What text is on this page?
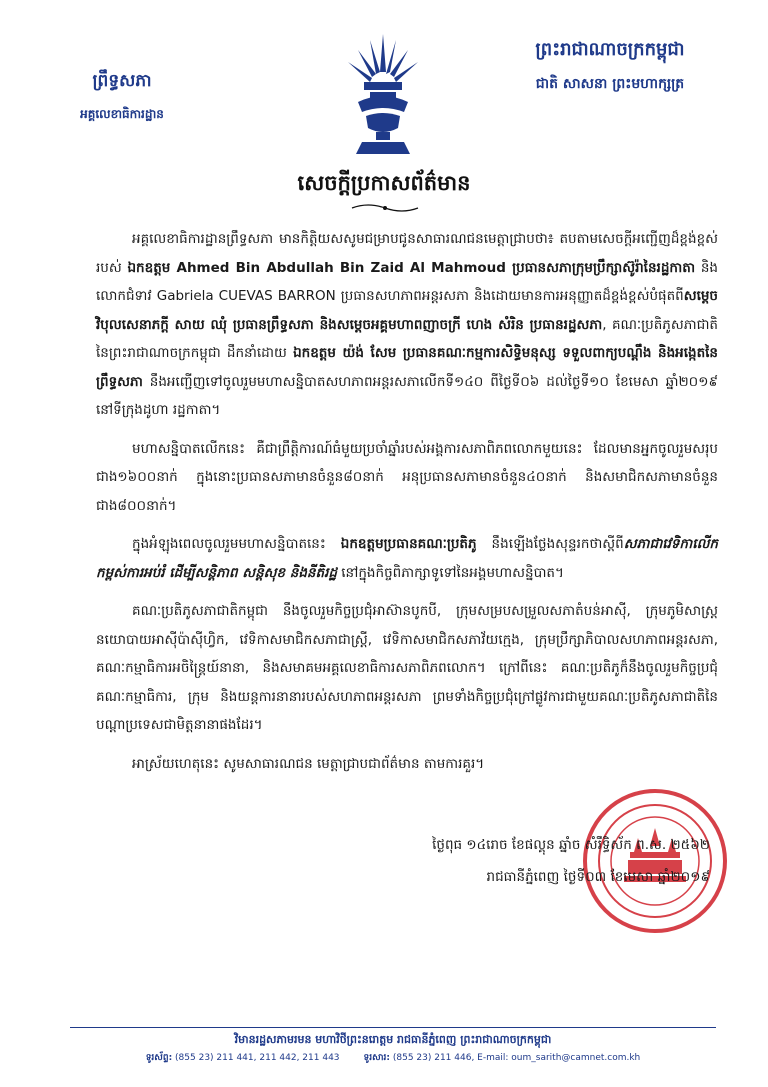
ព្រឹទ្ធសភា
អគ្គលេខាធិការដ្ឋាន
ព្រះរាជាណាចក្រកម្ពុជា
ជាតិ សាសនា ព្រះមហាក្សត្រ
សេចក្តីប្រកាសព័ត៌មាន

អគ្គលេខាធិការដ្ឋានព្រឹទ្ធសភា មានកិត្តិយសសូមជម្រាបជូនសាធារណជនមេត្តាជ្រាបថា៖ តបតាមសេចក្តីអញ្ជើញដ៏ខ្ពង់ខ្ពស់របស់ ឯកឧត្តម Ahmed Bin Abdullah Bin Zaid Al Mahmoud ប្រធានសភាក្រុមប្រឹក្សាស៊ូរ៉ានៃរដ្ឋកាតា និងលោកជំទាវ Gabriela CUEVAS BARRON ប្រធានសហភាពអន្តរសភា និងដោយមានការអនុញ្ញាតដ៏ខ្ពង់ខ្ពស់បំផុតពីសម្តេចវិបុលសេនាភក្តី សាយ ឈុំ ប្រធានព្រឹទ្ធសភា និងសម្តេចអគ្គមហាពញាចក្រី ហេង សំរិន ប្រធានរដ្ឋសភា, គណៈប្រតិភូសភាជាតិនៃព្រះរាជាណាចក្រកម្ពុជា ដឹកនាំដោយ ឯកឧត្តម យ៉ង់ សែម ប្រធានគណៈកម្មការសិទ្ធិមនុស្ស ទទួលពាក្យបណ្តឹង និងអង្កេតនៃព្រឹទ្ធសភា នឹងអញ្ជើញទៅចូលរួមមហាសន្និបាតសហភាពអន្តរសភាលើកទី១៤០ ពីថ្ងៃទី០៦ ដល់ថ្ងៃទី១០ ខែមេសា ឆ្នាំ២០១៩ នៅទីក្រុងដូហា រដ្ឋកាតា។

មហាសន្និបាតលើកនេះ គឺជាព្រឹត្តិការណ៍ធំមួយប្រចាំឆ្នាំរបស់អង្គការសភាពិភពលោកមួយនេះ ដែលមានអ្នកចូលរួមសរុបជាង១៦០០នាក់ ក្នុងនោះប្រធានសភាមានចំនួន៨០នាក់ អនុប្រធានសភាមានចំនួន៤០នាក់ និងសមាជិកសភាមានចំនួនជាង៨០០នាក់។

ក្នុងអំឡុងពេលចូលរួមមហាសន្និបាតនេះ ឯកឧត្តមប្រធានគណៈប្រតិភូ នឹងឡើងថ្លែងសុន្ទរកថាស្តីពីសភាជាវេទិកាលើកកម្ពស់ការអប់រំ ដើម្បីសន្តិភាព សន្តិសុខ និងនីតិរដ្ឋ នៅក្នុងកិច្ចពិភាក្សាទូទៅនៃអង្គមហាសន្និបាត។

គណៈប្រតិភូសភាជាតិកម្ពុជា នឹងចូលរួមកិច្ចប្រជុំអាស៊ានបូកបី, ក្រុមសម្របសម្រួលសភាតំបន់អាស៊ី, ក្រុមភូមិសាស្ត្រនយោបាយអាស៊ីប៉ាស៊ីហ្វិក, វេទិកាសមាជិកសភាជាស្ត្រី, វេទិកាសមាជិកសភាវ័យក្មេង, ក្រុមប្រឹក្សាភិបាលសហភាពអន្តរសភា, គណៈកម្មាធិការអចិន្ត្រៃយ៍នានា, និងសមាគមអគ្គលេខាធិការសភាពិភពលោក។ ក្រៅពីនេះ គណៈប្រតិភូក៏នឹងចូលរួមកិច្ចប្រជុំគណៈកម្មាធិការ, ក្រុម និងយន្តការនានារបស់សហភាពអន្តរសភា ព្រមទាំងកិច្ចប្រជុំក្រៅផ្លូវការជាមួយគណៈប្រតិភូសភាជាតិនៃបណ្តាប្រទេសជាមិត្តនានាផងដែរ។

អាស្រ័យហេតុនេះ សូមសាធារណជន មេត្តាជ្រាបជាព័ត៌មាន តាមការគួរ។

ថ្ងៃពុធ ១៤រោច ខែផល្គុន ឆ្នាំច សំរឹទ្ធិស័ក ព.ស. ២៥៦២
រាជធានីភ្នំពេញ ថ្ងៃទី០៣ ខែមេសា ឆ្នាំ២០១៩
វិមានរដ្ឋសភាមរមន មហាវិថីព្រះនរោត្តម រាជធានីភ្នំពេញ ព្រះរាជាណាចក្រកម្ពុជា
ទូរស័ព្ទ: (855 23) 211 441, 211 442, 211 443	ទូរសារ: (855 23) 211 446, E-mail: oum_sarith@camnet.com.kh
